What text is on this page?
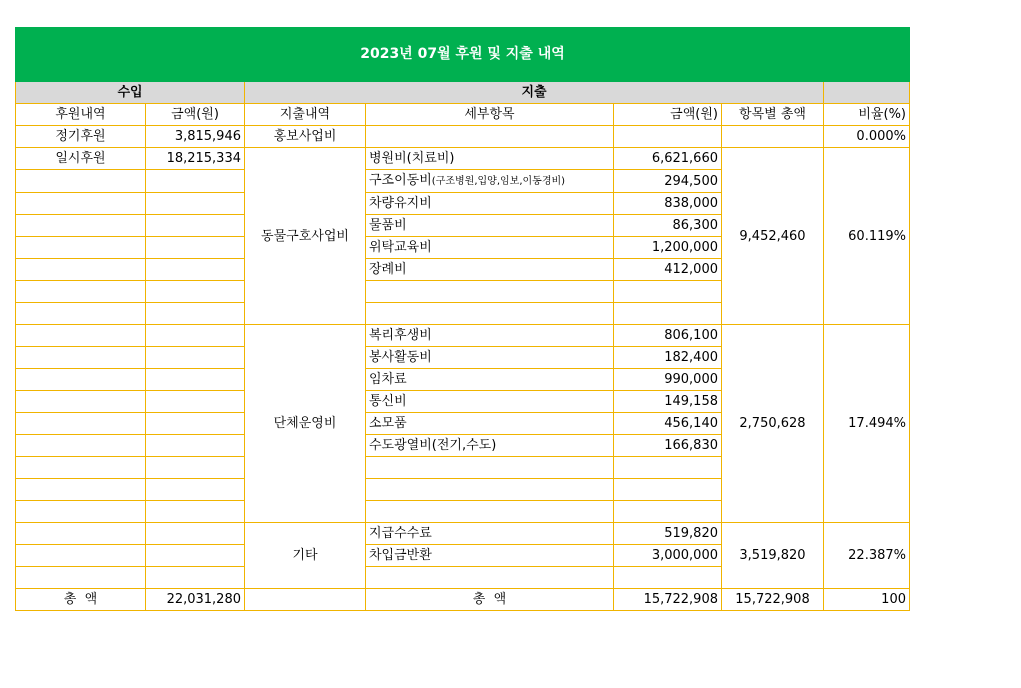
2023년 07월 후원 및 지출 내역						
수입		지출				
후원내역	금액(원)	지출내역	세부항목	금액(원)	항목별 총액	비율(%)
정기후원	3,815,946	홍보사업비				0.000%
일시후원	18,215,334	동물구호사업비	병원비(치료비)	6,621,660	9,452,460	60.119%
			구조이동비(구조병원,입양,임보,이동경비)	294,500		
			차량유지비	838,000		
			물품비	86,300		
			위탁교육비	1,200,000		
			장례비	412,000		

		단체운영비	복리후생비	806,100	2,750,628	17.494%
			봉사활동비	182,400		
			임차료	990,000		
			통신비	149,158		
			소모품	456,140		
			수도광열비(전기,수도)	166,830		

		기타	지급수수료	519,820	3,519,820	22.387%
			차입금반환	3,000,000		

총  액	22,031,280		총  액	15,722,908	15,722,908	100
